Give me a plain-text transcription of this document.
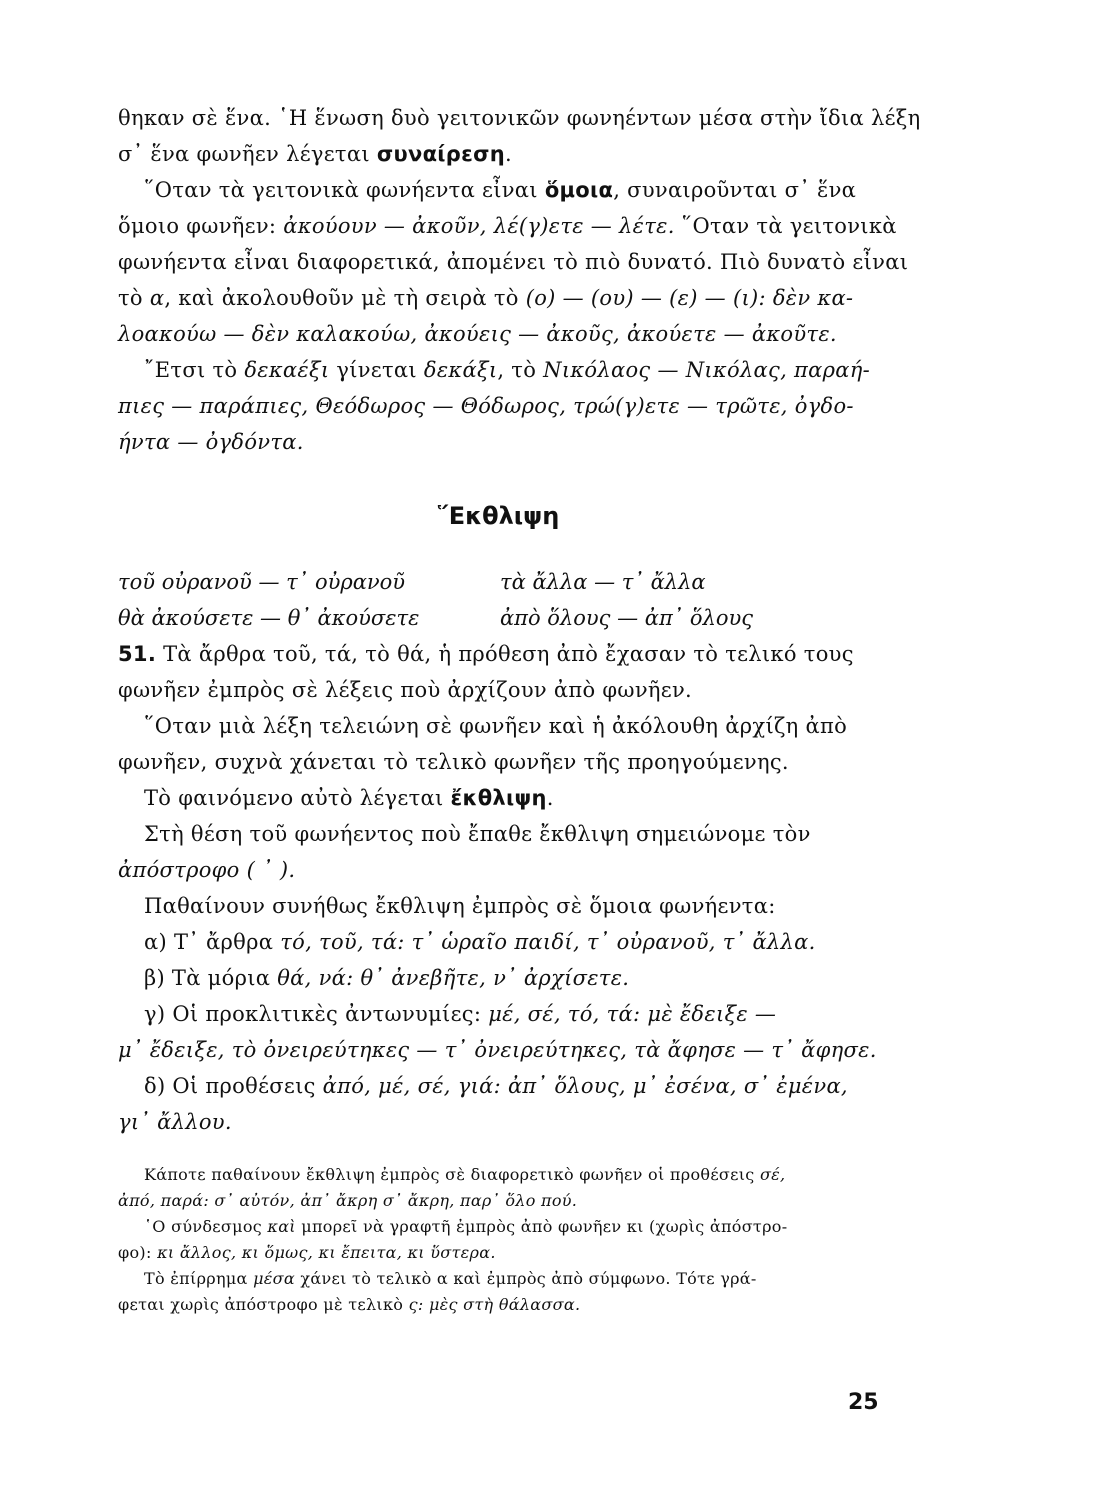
θηκαν σὲ ἕνα. ῾Η ἕνωση δυὸ γειτονικῶν φωνηέντων μέσα στὴν ἴδια λέξη
σ᾽ ἕνα φωνῆεν λέγεται συναίρεση.
῞Οταν τὰ γειτονικὰ φωνήεντα εἶναι ὅμοια, συναιροῦνται σ᾽ ἕνα
ὅμοιο φωνῆεν: ἀκούουν — ἀκοῦν, λέ(γ)ετε — λέτε. ῞Οταν τὰ γειτονικὰ
φωνήεντα εἶναι διαφορετικά, ἀπομένει τὸ πιὸ δυνατό. Πιὸ δυνατὸ εἶναι
τὸ α, καὶ ἀκολουθοῦν μὲ τὴ σειρὰ τὸ (ο) — (ου) — (ε) — (ι): δὲν κα-
λοακούω — δὲν καλακούω, ἀκούεις — ἀκοῦς, ἀκούετε — ἀκοῦτε.
῎Ετσι τὸ δεκαέξι γίνεται δεκάξι, τὸ Νικόλαος — Νικόλας, παραή-
πιες — παράπιες, Θεόδωρος — Θόδωρος, τρώ(γ)ετε — τρῶτε, ὀγδο-
ήντα — ὀγδόντα.
῞Εκθλιψη
τοῦ οὐρανοῦ — τ᾽ οὐρανοῦ	τὰ ἄλλα — τ᾽ ἄλλα
θὰ ἀκούσετε — θ᾽ ἀκούσετε	ἀπὸ ὅλους — ἀπ᾽ ὅλους
51. Τὰ ἄρθρα τοῦ, τά, τὸ θά, ἡ πρόθεση ἀπὸ ἔχασαν τὸ τελικό τους
φωνῆεν ἐμπρὸς σὲ λέξεις ποὺ ἀρχίζουν ἀπὸ φωνῆεν.
῞Οταν μιὰ λέξη τελειώνη σὲ φωνῆεν καὶ ἡ ἀκόλουθη ἀρχίζη ἀπὸ
φωνῆεν, συχνὰ χάνεται τὸ τελικὸ φωνῆεν τῆς προηγούμενης.
Τὸ φαινόμενο αὐτὸ λέγεται ἔκθλιψη.
Στὴ θέση τοῦ φωνήεντος ποὺ ἔπαθε ἔκθλιψη σημειώνομε τὸν
ἀπόστροφο ( ᾽ ).
Παθαίνουν συνήθως ἔκθλιψη ἐμπρὸς σὲ ὅμοια φωνήεντα:
α) Τ᾽ ἄρθρα τό, τοῦ, τά: τ᾽ ὡραῖο παιδί, τ᾽ οὐρανοῦ, τ᾽ ἄλλα.
β) Τὰ μόρια θά, νά: θ᾽ ἀνεβῆτε, ν᾽ ἀρχίσετε.
γ) Οἱ προκλιτικὲς ἀντωνυμίες: μέ, σέ, τό, τά: μὲ ἔδειξε —
μ᾽ ἔδειξε, τὸ ὀνειρεύτηκες — τ᾽ ὀνειρεύτηκες, τὰ ἄφησε — τ᾽ ἄφησε.
δ) Οἱ προθέσεις ἀπό, μέ, σέ, γιά: ἀπ᾽ ὅλους, μ᾽ ἐσένα, σ᾽ ἐμένα,
γι᾽ ἄλλου.
Κάποτε παθαίνουν ἔκθλιψη ἐμπρὸς σὲ διαφορετικὸ φωνῆεν οἱ προθέσεις σέ,
ἀπό, παρά: σ᾽ αὐτόν, ἀπ᾽ ἄκρη σ᾽ ἄκρη, παρ᾽ ὅλο πού.
῾Ο σύνδεσμος καὶ μπορεῖ νὰ γραφτῆ ἐμπρὸς ἀπὸ φωνῆεν κι (χωρὶς ἀπόστρο-
φο): κι ἄλλος, κι ὅμως, κι ἔπειτα, κι ὕστερα.
Τὸ ἐπίρρημα μέσα χάνει τὸ τελικὸ α καὶ ἐμπρὸς ἀπὸ σύμφωνο. Τότε γρά-
φεται χωρὶς ἀπόστροφο μὲ τελικὸ ς: μὲς στὴ θάλασσα.
25
